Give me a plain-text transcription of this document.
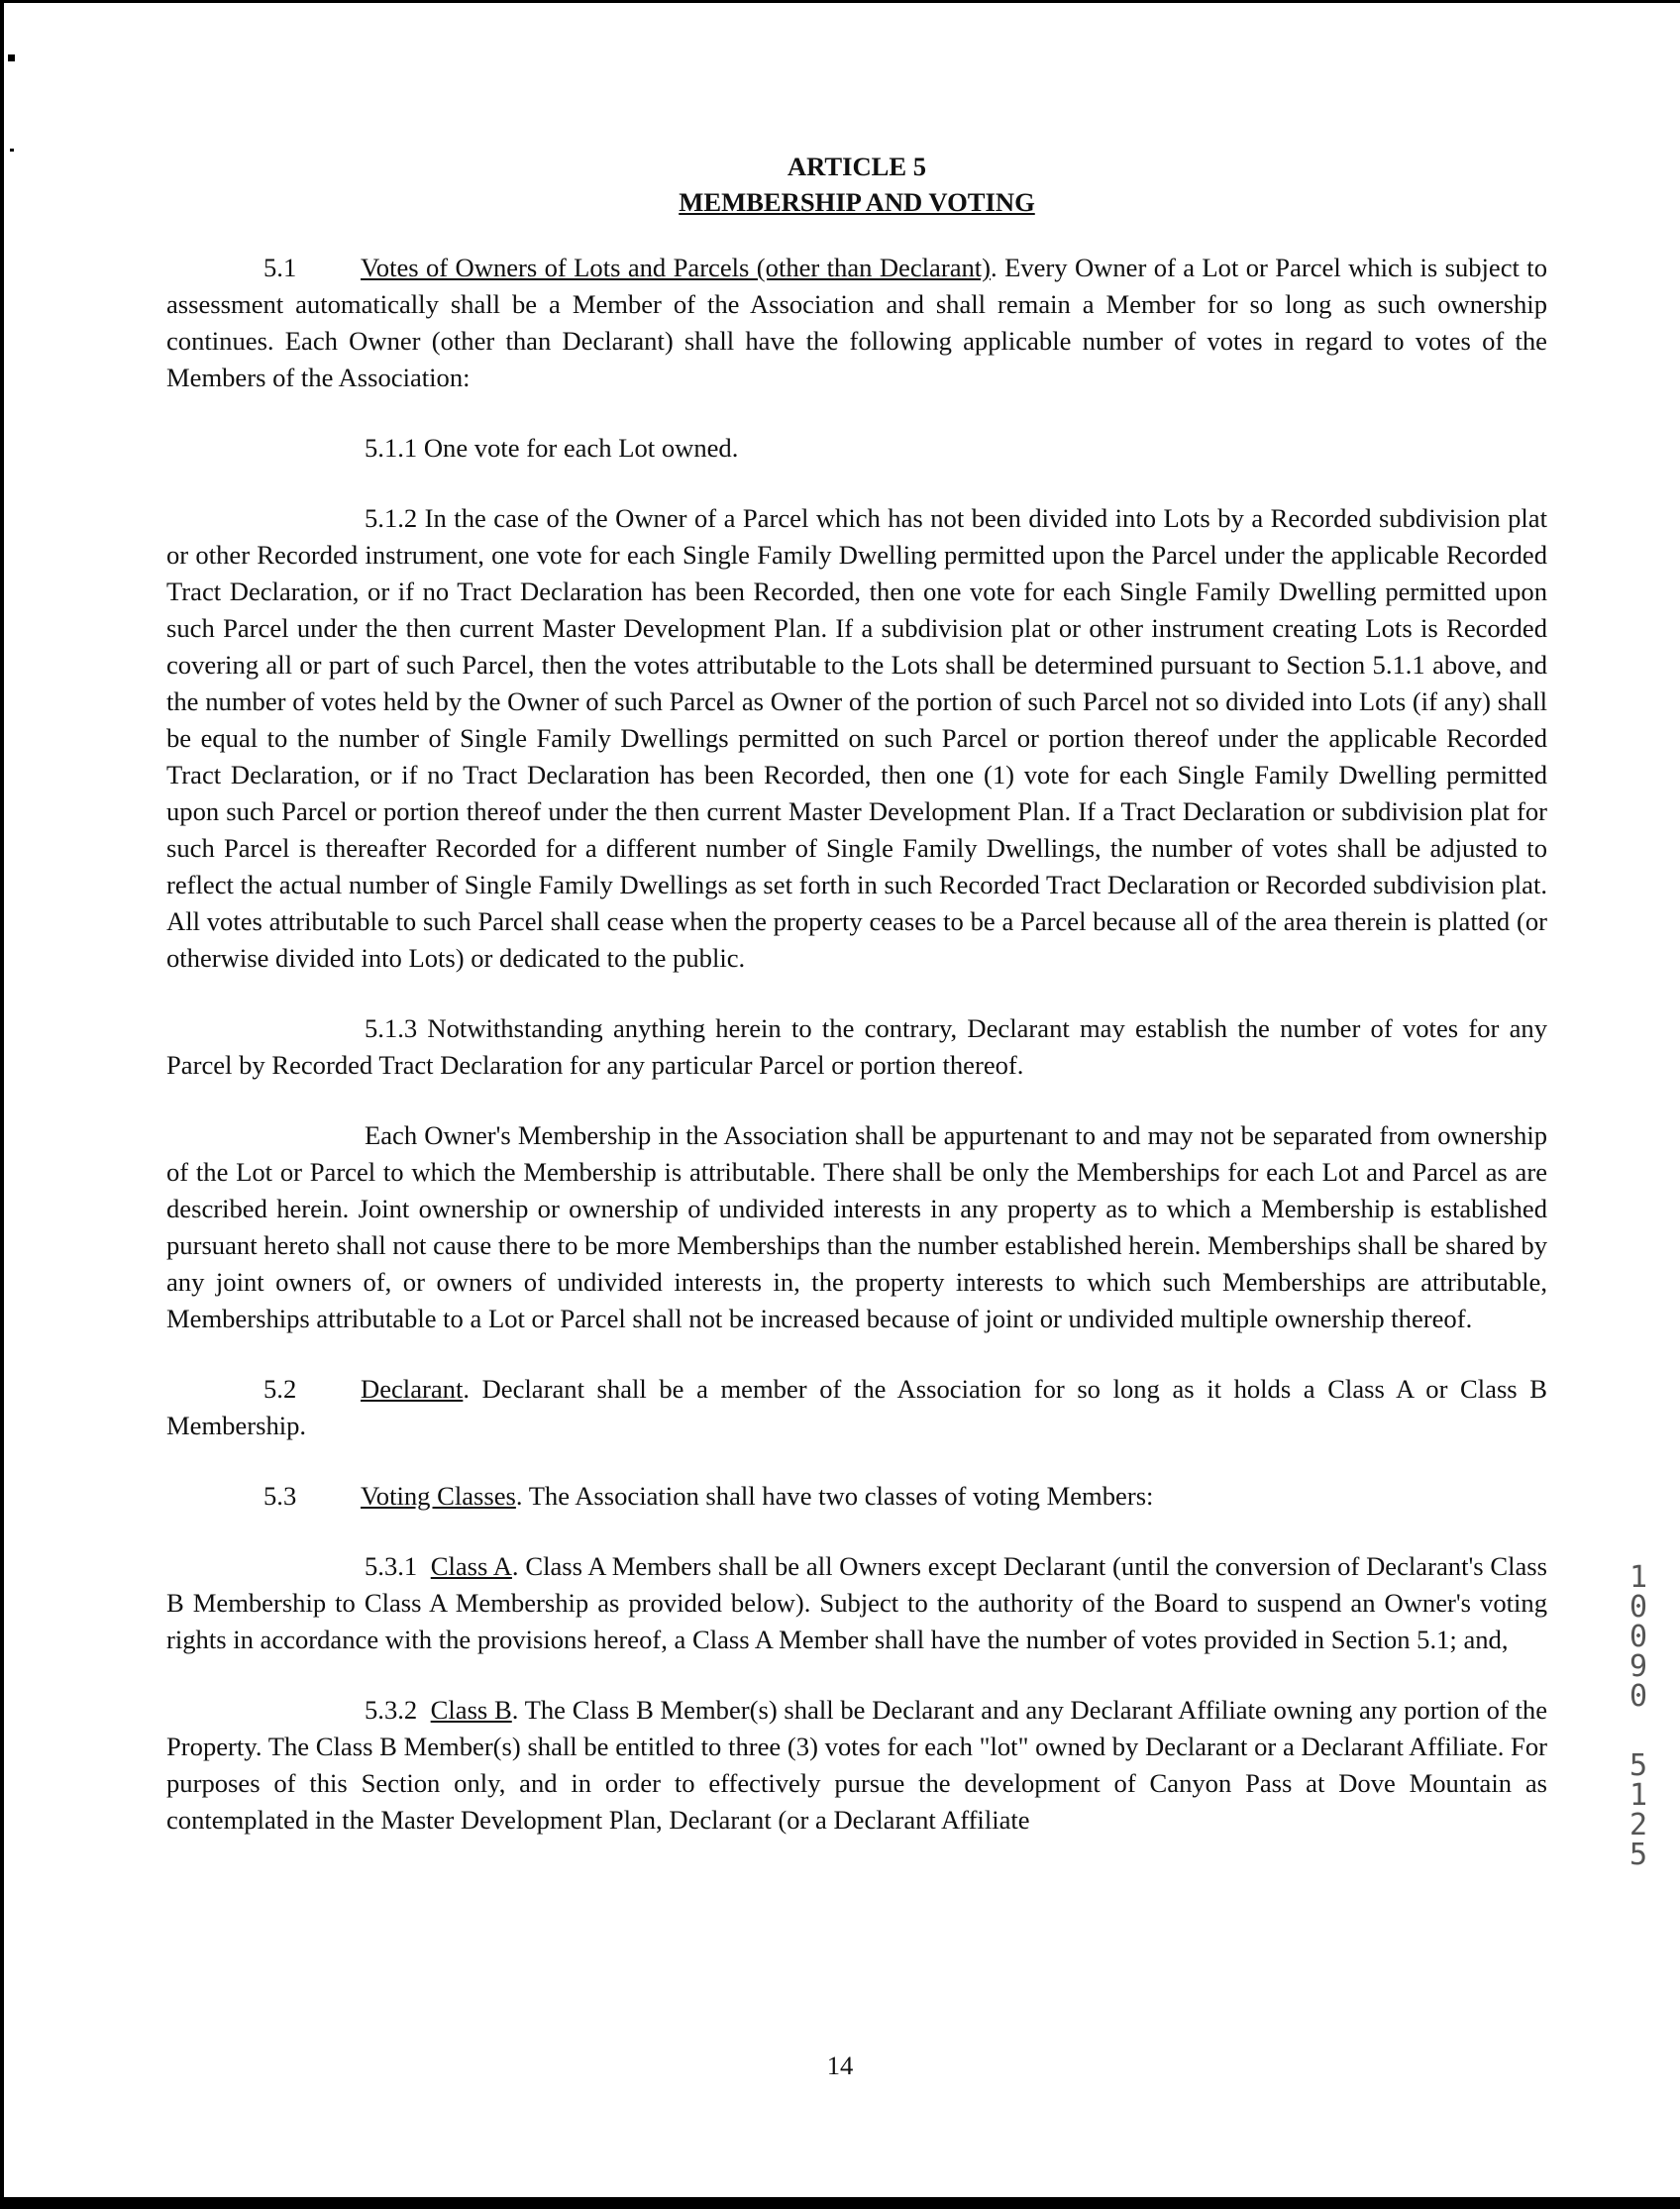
ARTICLE 5
MEMBERSHIP AND VOTING

5.1 Votes of Owners of Lots and Parcels (other than Declarant). Every Owner of a Lot or Parcel which is subject to assessment automatically shall be a Member of the Association and shall remain a Member for so long as such ownership continues. Each Owner (other than Declarant) shall have the following applicable number of votes in regard to votes of the Members of the Association:

5.1.1 One vote for each Lot owned.

5.1.2 In the case of the Owner of a Parcel which has not been divided into Lots by a Recorded subdivision plat or other Recorded instrument, one vote for each Single Family Dwelling permitted upon the Parcel under the applicable Recorded Tract Declaration, or if no Tract Declaration has been Recorded, then one vote for each Single Family Dwelling permitted upon such Parcel under the then current Master Development Plan. If a subdivision plat or other instrument creating Lots is Recorded covering all or part of such Parcel, then the votes attributable to the Lots shall be determined pursuant to Section 5.1.1 above, and the number of votes held by the Owner of such Parcel as Owner of the portion of such Parcel not so divided into Lots (if any) shall be equal to the number of Single Family Dwellings permitted on such Parcel or portion thereof under the applicable Recorded Tract Declaration, or if no Tract Declaration has been Recorded, then one (1) vote for each Single Family Dwelling permitted upon such Parcel or portion thereof under the then current Master Development Plan. If a Tract Declaration or subdivision plat for such Parcel is thereafter Recorded for a different number of Single Family Dwellings, the number of votes shall be adjusted to reflect the actual number of Single Family Dwellings as set forth in such Recorded Tract Declaration or Recorded subdivision plat. All votes attributable to such Parcel shall cease when the property ceases to be a Parcel because all of the area therein is platted (or otherwise divided into Lots) or dedicated to the public.

5.1.3 Notwithstanding anything herein to the contrary, Declarant may establish the number of votes for any Parcel by Recorded Tract Declaration for any particular Parcel or portion thereof.

Each Owner's Membership in the Association shall be appurtenant to and may not be separated from ownership of the Lot or Parcel to which the Membership is attributable. There shall be only the Memberships for each Lot and Parcel as are described herein. Joint ownership or ownership of undivided interests in any property as to which a Membership is established pursuant hereto shall not cause there to be more Memberships than the number established herein. Memberships shall be shared by any joint owners of, or owners of undivided interests in, the property interests to which such Memberships are attributable, Memberships attributable to a Lot or Parcel shall not be increased because of joint or undivided multiple ownership thereof.

5.2 Declarant. Declarant shall be a member of the Association for so long as it holds a Class A or Class B Membership.

5.3 Voting Classes. The Association shall have two classes of voting Members:

5.3.1 Class A. Class A Members shall be all Owners except Declarant (until the conversion of Declarant's Class B Membership to Class A Membership as provided below). Subject to the authority of the Board to suspend an Owner's voting rights in accordance with the provisions hereof, a Class A Member shall have the number of votes provided in Section 5.1; and,

5.3.2 Class B. The Class B Member(s) shall be Declarant and any Declarant Affiliate owning any portion of the Property. The Class B Member(s) shall be entitled to three (3) votes for each "lot" owned by Declarant or a Declarant Affiliate. For purposes of this Section only, and in order to effectively pursue the development of Canyon Pass at Dove Mountain as contemplated in the Master Development Plan, Declarant (or a Declarant Affiliate

14
1
0
0
9
0
5
1
2
5
